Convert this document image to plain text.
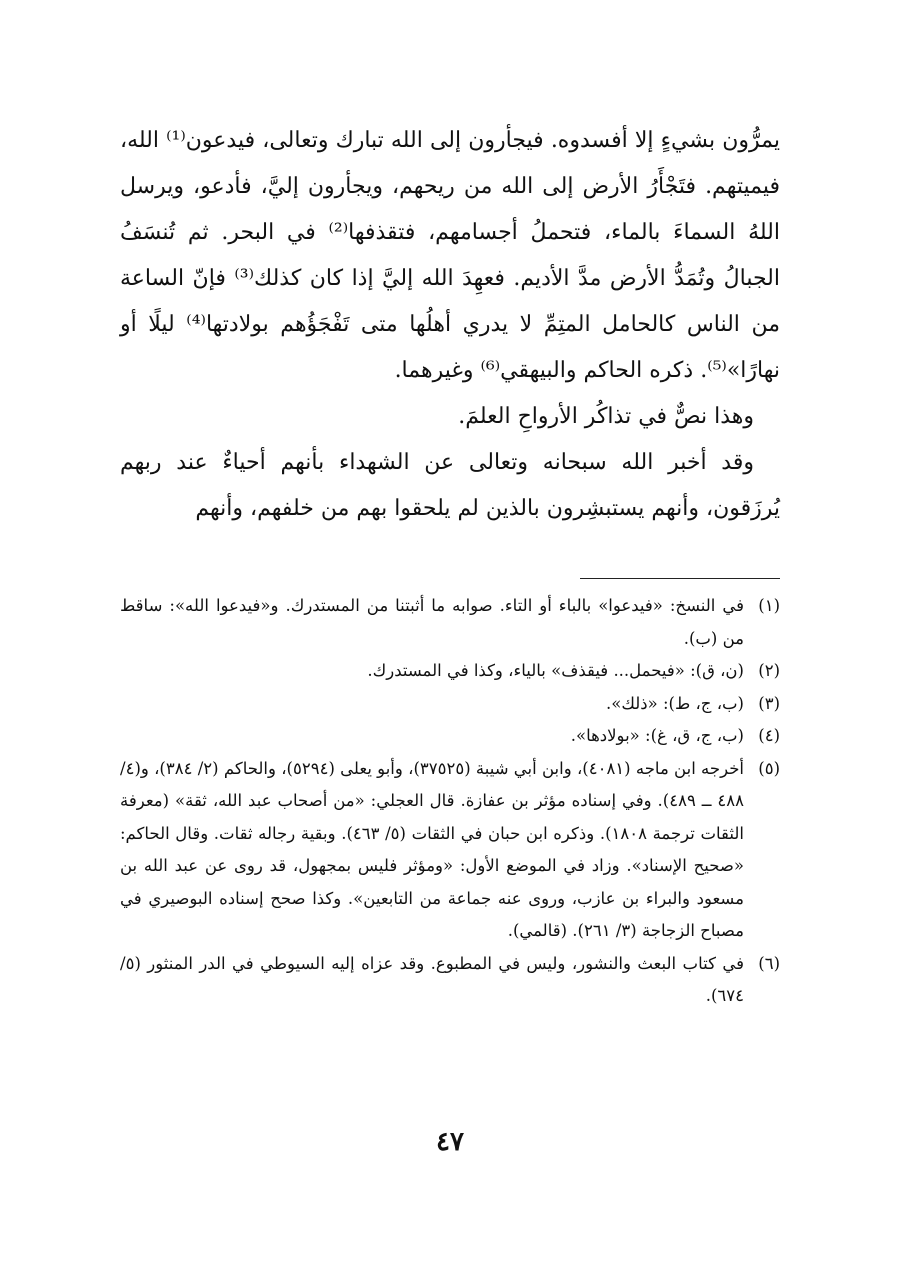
يمرُّون بشيءٍ إلا أفسدوه. فيجأرون إلى الله تبارك وتعالى، فيدعون⁽¹⁾ الله، فيميتهم. فتَجْأَرُ الأرض إلى الله من ريحهم، ويجأرون إليَّ، فأدعو، ويرسل اللهُ السماءَ بالماء، فتحملُ أجسامهم، فتقذفها⁽²⁾ في البحر. ثم تُنسَفُ الجبالُ وتُمَدُّ الأرض مدَّ الأديم. فعهِدَ الله إليَّ إذا كان كذلك⁽³⁾ فإنّ الساعة من الناس كالحامل المتِمِّ لا يدري أهلُها متى تَفْجَؤُهم بولادتها⁽⁴⁾ ليلًا أو نهارًا»⁽⁵⁾. ذكره الحاكم والبيهقي⁽⁶⁾ وغيرهما.

وهذا نصٌّ في تذاكُر الأرواحِ العلمَ.

وقد أخبر الله سبحانه وتعالى عن الشهداء بأنهم أحياءٌ عند ربهم يُرزَقون، وأنهم يستبشِرون بالذين لم يلحقوا بهم من خلفهم، وأنهم

(١)
في النسخ: «فيدعوا» بالباء أو التاء. صوابه ما أثبتنا من المستدرك. و«فيدعوا الله»: ساقط من (ب).
(٢)
(ن، ق): «فيحمل... فيقذف» بالياء، وكذا في المستدرك.
(٣)
(ب، ج، ط): «ذلك».
(٤)
(ب، ج، ق، غ): «بولادها».
(٥)
أخرجه ابن ماجه (٤٠٨١)، وابن أبي شيبة (٣٧٥٢٥)، وأبو يعلى (٥٢٩٤)، والحاكم (٢/ ٣٨٤)، و(٤/ ٤٨٨ ــ ٤٨٩). وفي إسناده مؤثر بن عفازة. قال العجلي: «من أصحاب عبد الله، ثقة» (معرفة الثقات ترجمة ١٨٠٨). وذكره ابن حبان في الثقات (٥/ ٤٦٣). وبقية رجاله ثقات. وقال الحاكم: «صحيح الإسناد». وزاد في الموضع الأول: «ومؤثر فليس بمجهول، قد روى عن عبد الله بن مسعود والبراء بن عازب، وروى عنه جماعة من التابعين». وكذا صحح إسناده البوصيري في مصباح الزجاجة (٣/ ٢٦١). (قالمي).
(٦)
في كتاب البعث والنشور، وليس في المطبوع. وقد عزاه إليه السيوطي في الدر المنثور (٥/ ٦٧٤).
٤٧
